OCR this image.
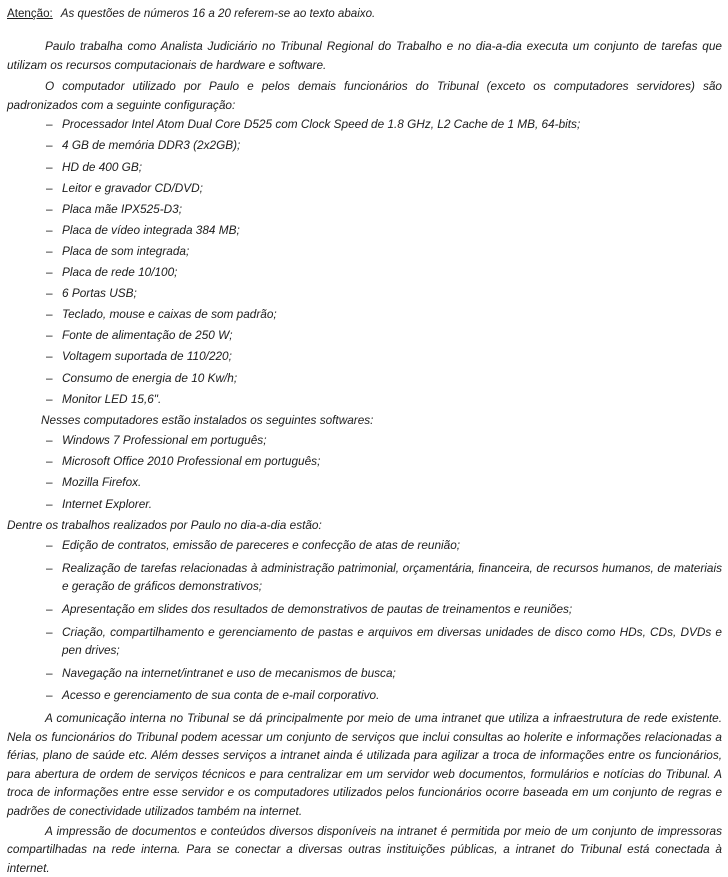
Atenção: As questões de números 16 a 20 referem-se ao texto abaixo.

Paulo trabalha como Analista Judiciário no Tribunal Regional do Trabalho e no dia-a-dia executa um conjunto de tarefas que utilizam os recursos computacionais de hardware e software.

O computador utilizado por Paulo e pelos demais funcionários do Tribunal (exceto os computadores servidores) são padronizados com a seguinte configuração:

– Processador Intel Atom Dual Core D525 com Clock Speed de 1.8 GHz, L2 Cache de 1 MB, 64-bits;
– 4 GB de memória DDR3 (2x2GB);
– HD de 400 GB;
– Leitor e gravador CD/DVD;
– Placa mãe IPX525-D3;
– Placa de vídeo integrada 384 MB;
– Placa de som integrada;
– Placa de rede 10/100;
– 6 Portas USB;
– Teclado, mouse e caixas de som padrão;
– Fonte de alimentação de 250 W;
– Voltagem suportada de 110/220;
– Consumo de energia de 10 Kw/h;
– Monitor LED 15,6".

Nesses computadores estão instalados os seguintes softwares:

– Windows 7 Professional em português;
– Microsoft Office 2010 Professional em português;
– Mozilla Firefox.
– Internet Explorer.

Dentre os trabalhos realizados por Paulo no dia-a-dia estão:

– Edição de contratos, emissão de pareceres e confecção de atas de reunião;
– Realização de tarefas relacionadas à administração patrimonial, orçamentária, financeira, de recursos humanos, de materiais e geração de gráficos demonstrativos;
– Apresentação em slides dos resultados de demonstrativos de pautas de treinamentos e reuniões;
– Criação, compartilhamento e gerenciamento de pastas e arquivos em diversas unidades de disco como HDs, CDs, DVDs e pen drives;
– Navegação na internet/intranet e uso de mecanismos de busca;
– Acesso e gerenciamento de sua conta de e-mail corporativo.

A comunicação interna no Tribunal se dá principalmente por meio de uma intranet que utiliza a infraestrutura de rede existente. Nela os funcionários do Tribunal podem acessar um conjunto de serviços que inclui consultas ao holerite e informações relacionadas a férias, plano de saúde etc. Além desses serviços a intranet ainda é utilizada para agilizar a troca de informações entre os funcionários, para abertura de ordem de serviços técnicos e para centralizar em um servidor web documentos, formulários e notícias do Tribunal. A troca de informações entre esse servidor e os computadores utilizados pelos funcionários ocorre baseada em um conjunto de regras e padrões de conectividade utilizados também na internet.

A impressão de documentos e conteúdos diversos disponíveis na intranet é permitida por meio de um conjunto de impressoras compartilhadas na rede interna. Para se conectar a diversas outras instituições públicas, a intranet do Tribunal está conectada à internet.
